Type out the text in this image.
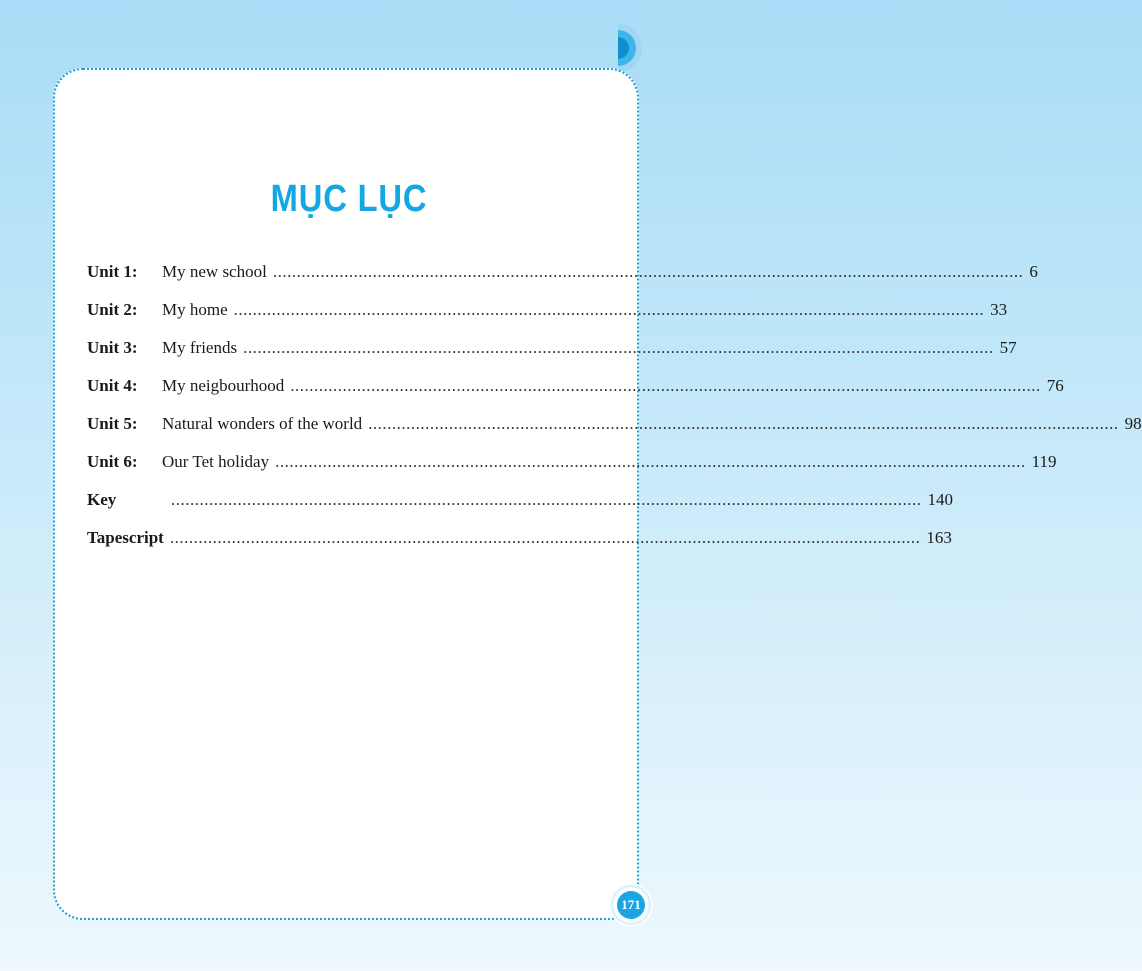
MỤC LỤC
Unit 1:	My new school .............................................................................................................................................................. 6
Unit 2:	My home .............................................................................................................................................................. 33
Unit 3:	My friends .............................................................................................................................................................. 57
Unit 4:	My neigbourhood .............................................................................................................................................................. 76
Unit 5:	Natural wonders of the world .............................................................................................................................................................. 98
Unit 6:	Our Tet holiday .............................................................................................................................................................. 119
Key	.............................................................................................................................................................. 140
Tapescript .............................................................................................................................................................. 163
171
